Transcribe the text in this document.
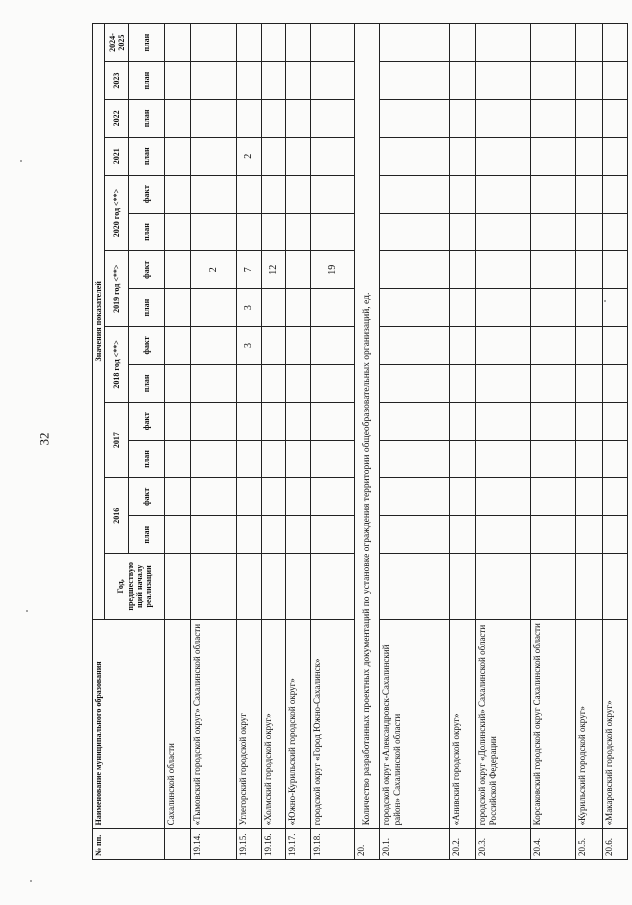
32
№ пп.	Наименование муниципального образования	Значения показателей														
		Год, предшествую щий началу реализации	2016		2017		2018 год <**>		2019 год <**>		2020 год <**>		2021	2022	2023	2024-2025
			план	факт	план	факт	план	факт	план	факт	план	факт	план	план	план	план
	Сахалинской области															
19.14.	«Тымовский городской округ» Сахалинской области									2						
19.15.	Углегорский городской округ							3	3	7			2			
19.16.	«Холмский городской округ»									12						
19.17.	«Южно-Курильский городской округ»															
19.18.	городской округ «Город Южно-Сахалинск»									19						
20.	Количество разработанных проектных документаций по установке ограждения территории общеобразовательных организаций, ед.															
20.1.	городской округ «Александровск-Сахалинский район» Сахалинской области															
20.2.	«Анивский городской округ»															
20.3.	городской округ «Долинский» Сахалинской области Российской Федерации															
20.4.	Корсаковский городской округ Сахалинской области															
20.5.	«Курильский городской округ»															
20.6.	«Макаровский городской округ»															
